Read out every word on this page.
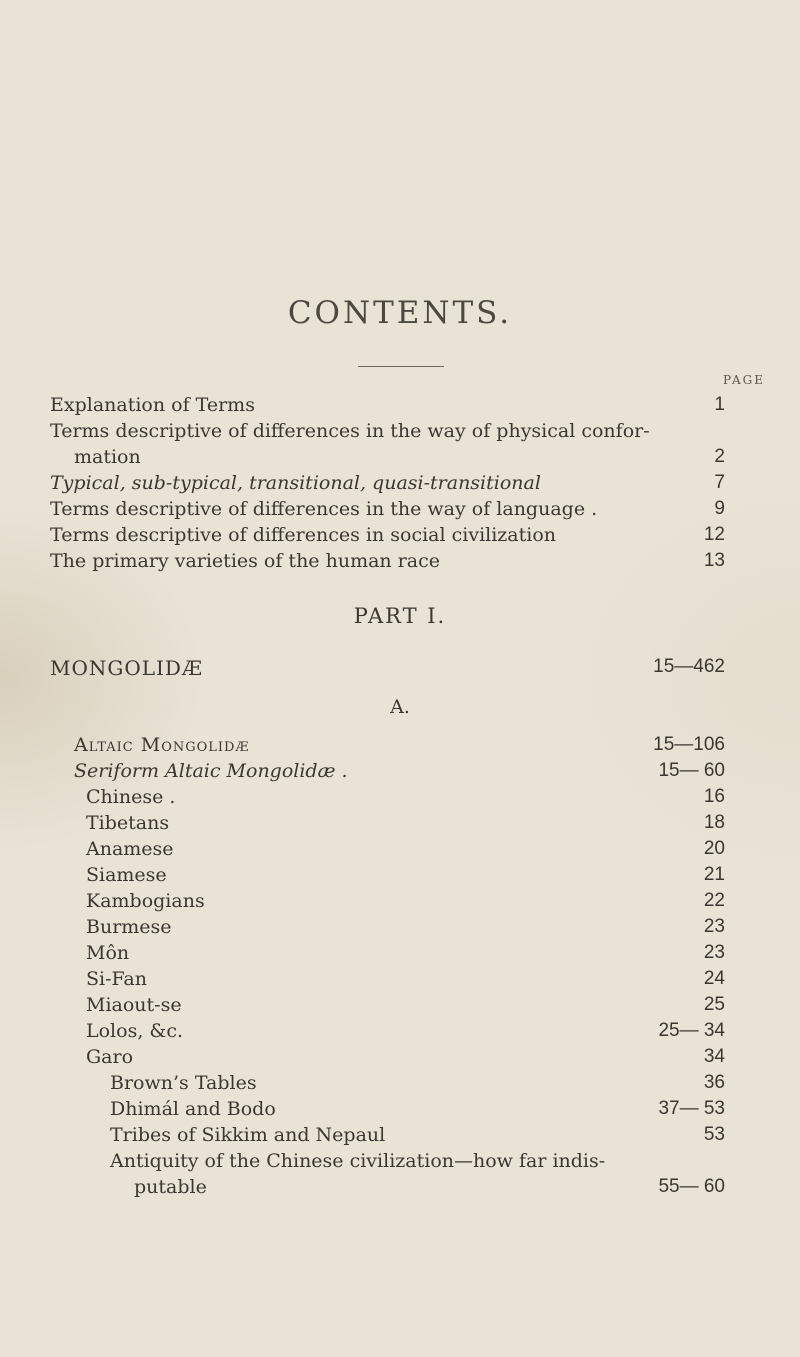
CONTENTS.
PAGE
Explanation of Terms	1
Terms descriptive of differences in the way of physical confor-
mation	2
Typical, sub-typical, transitional, quasi-transitional	7
Terms descriptive of differences in the way of language .	9
Terms descriptive of differences in social civilization	12
The primary varieties of the human race	13
PART I.
MONGOLIDÆ	15—462
A.
Altaic Mongolidæ	15—106
Seriform Altaic Mongolidæ .	15— 60
Chinese .	16
Tibetans	18
Anamese	20
Siamese	21
Kambogians	22
Burmese	23
Môn	23
Si-Fan	24
Miaout-se	25
Lolos, &c.	25— 34
Garo	34
Brown’s Tables	36
Dhimál and Bodo	37— 53
Tribes of Sikkim and Nepaul	53
Antiquity of the Chinese civilization—how far indis-
putable	55— 60
